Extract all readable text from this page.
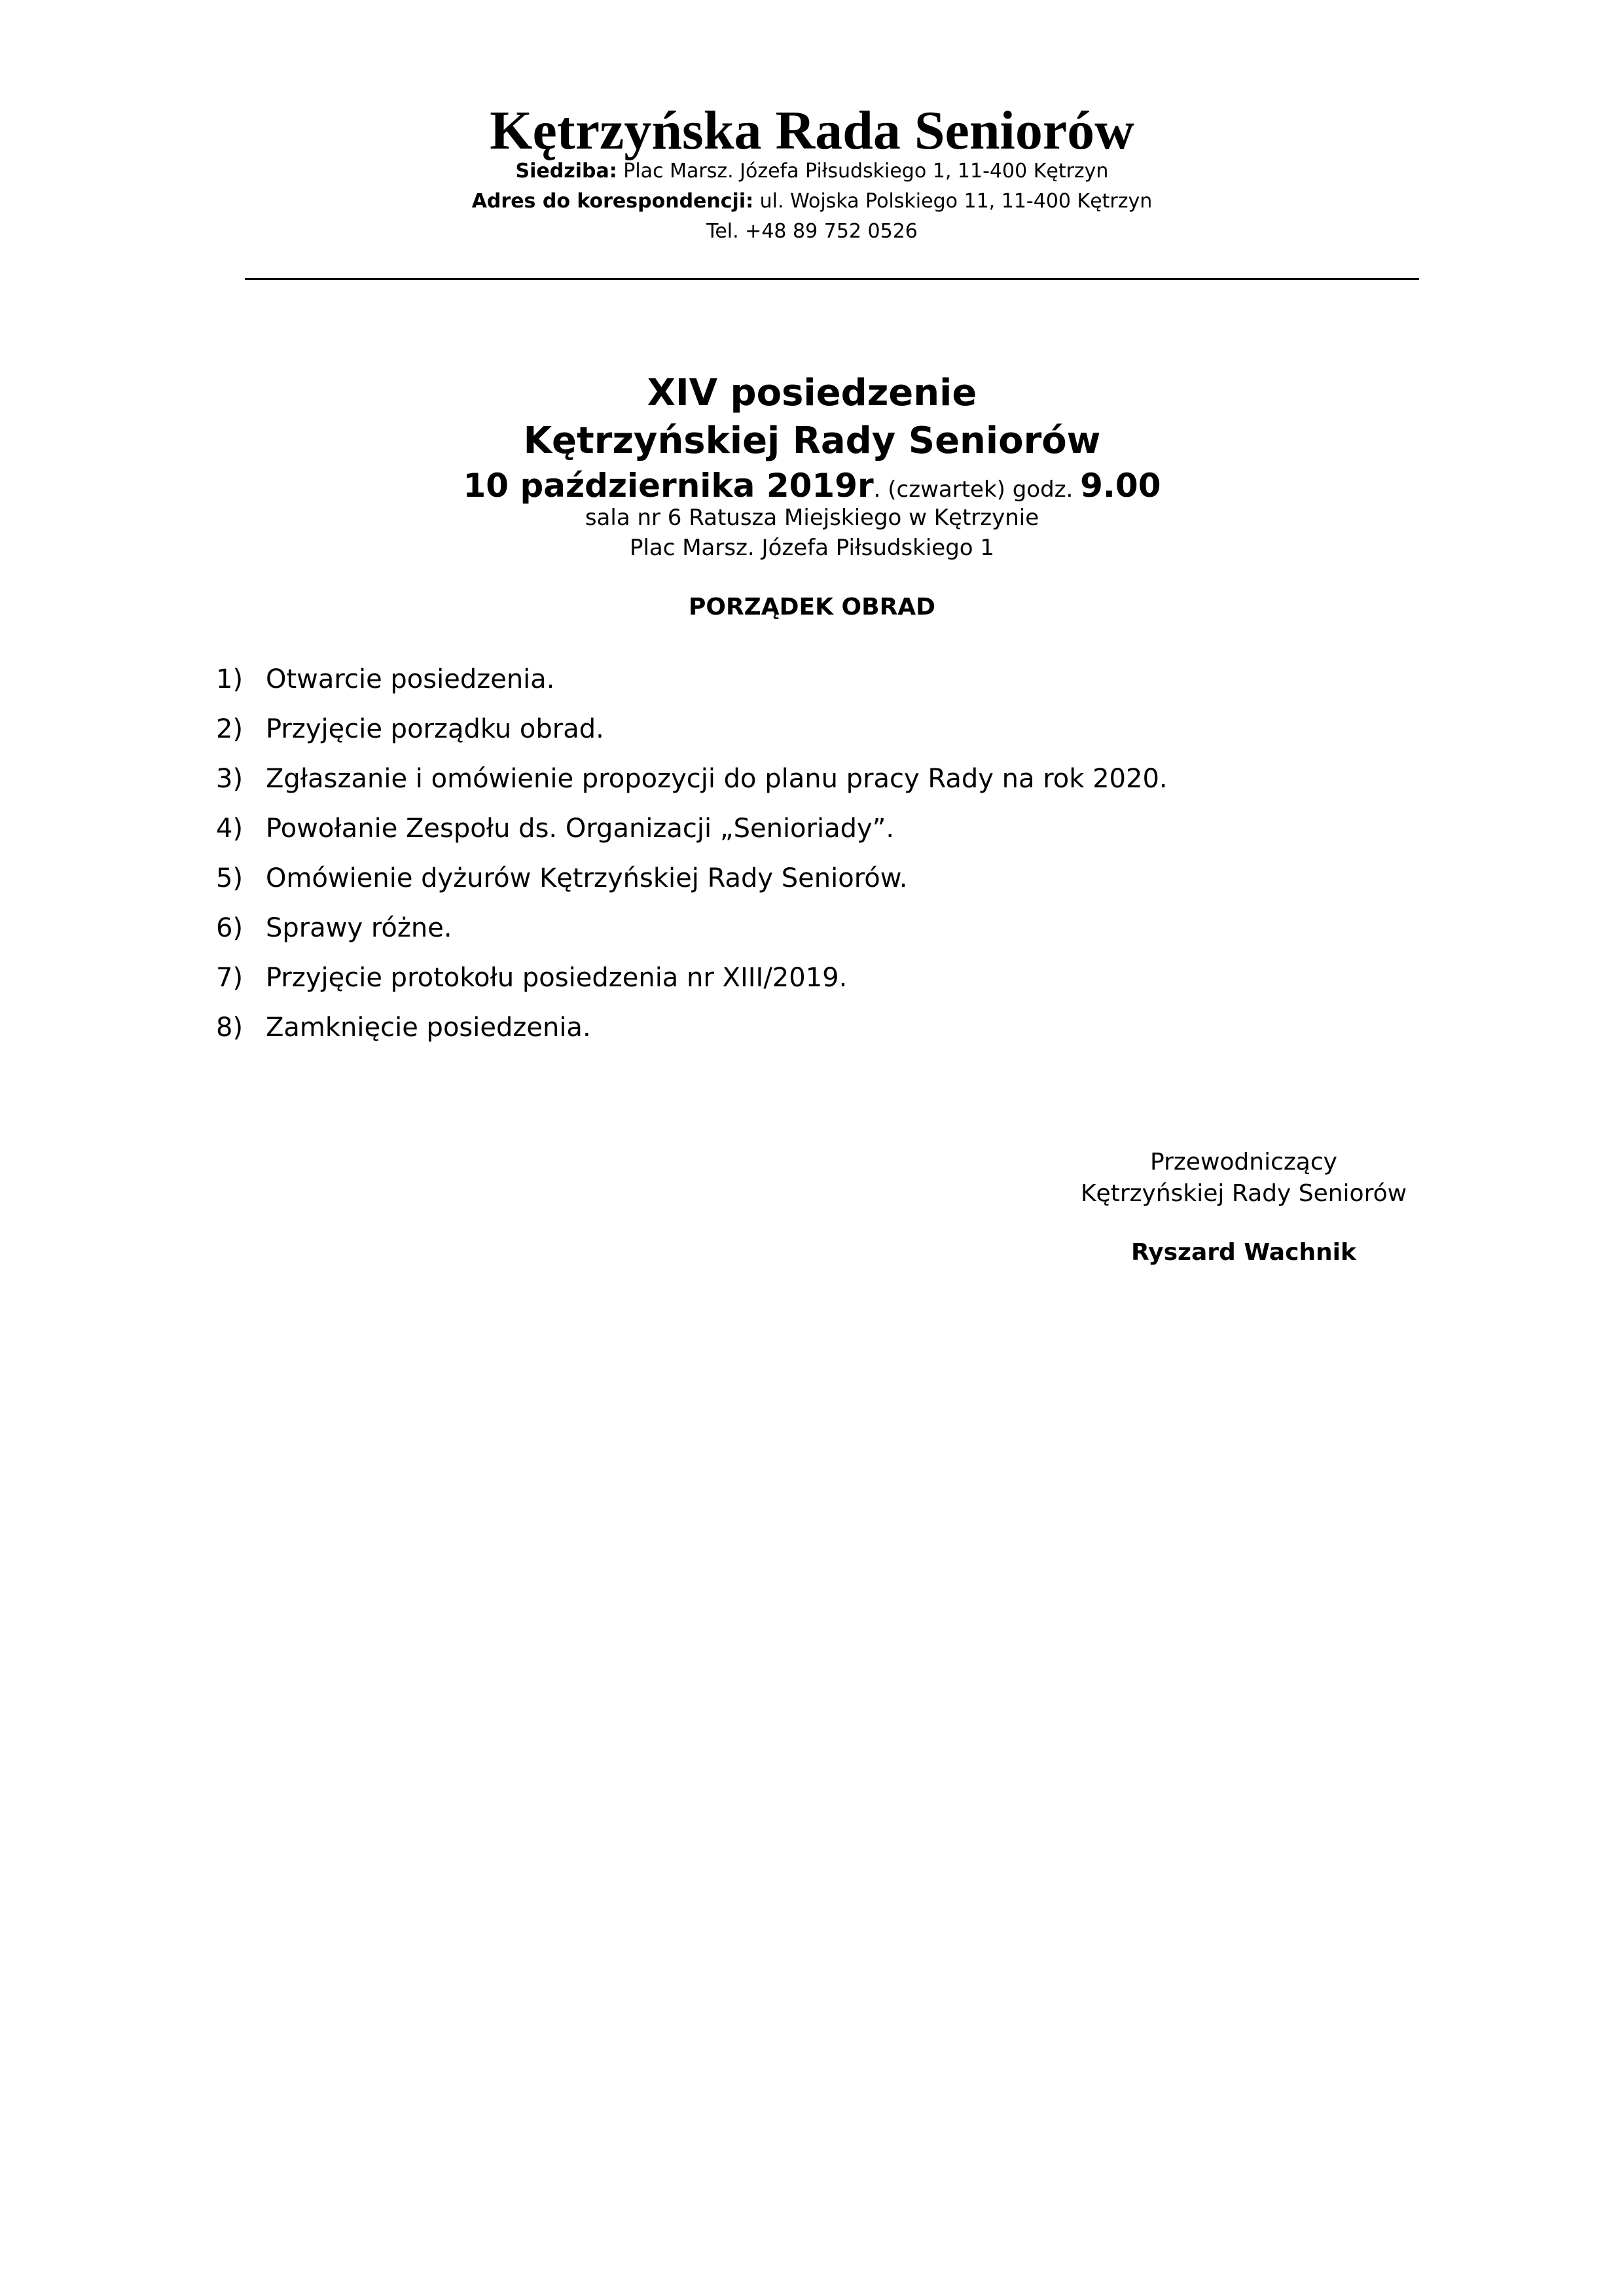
Kętrzyńska Rada Seniorów

Siedziba: Plac Marsz. Józefa Piłsudskiego 1, 11-400 Kętrzyn

Adres do korespondencji: ul. Wojska Polskiego 11, 11-400 Kętrzyn

Tel. +48 89 752 0526

XIV posiedzenie
Kętrzyńskiej Rady Seniorów

10 października 2019r. (czwartek) godz. 9.00

sala nr 6 Ratusza Miejskiego w Kętrzynie

Plac Marsz. Józefa Piłsudskiego 1

PORZĄDEK OBRAD
1) Otwarcie posiedzenia.
2) Przyjęcie porządku obrad.
3) Zgłaszanie i omówienie propozycji do planu pracy Rady na rok 2020.
4) Powołanie Zespołu ds. Organizacji „Senioriady”.
5) Omówienie dyżurów Kętrzyńskiej Rady Seniorów.
6) Sprawy różne.
7) Przyjęcie protokołu posiedzenia nr XIII/2019.
8) Zamknięcie posiedzenia.

Przewodniczący

Kętrzyńskiej Rady Seniorów

Ryszard Wachnik
